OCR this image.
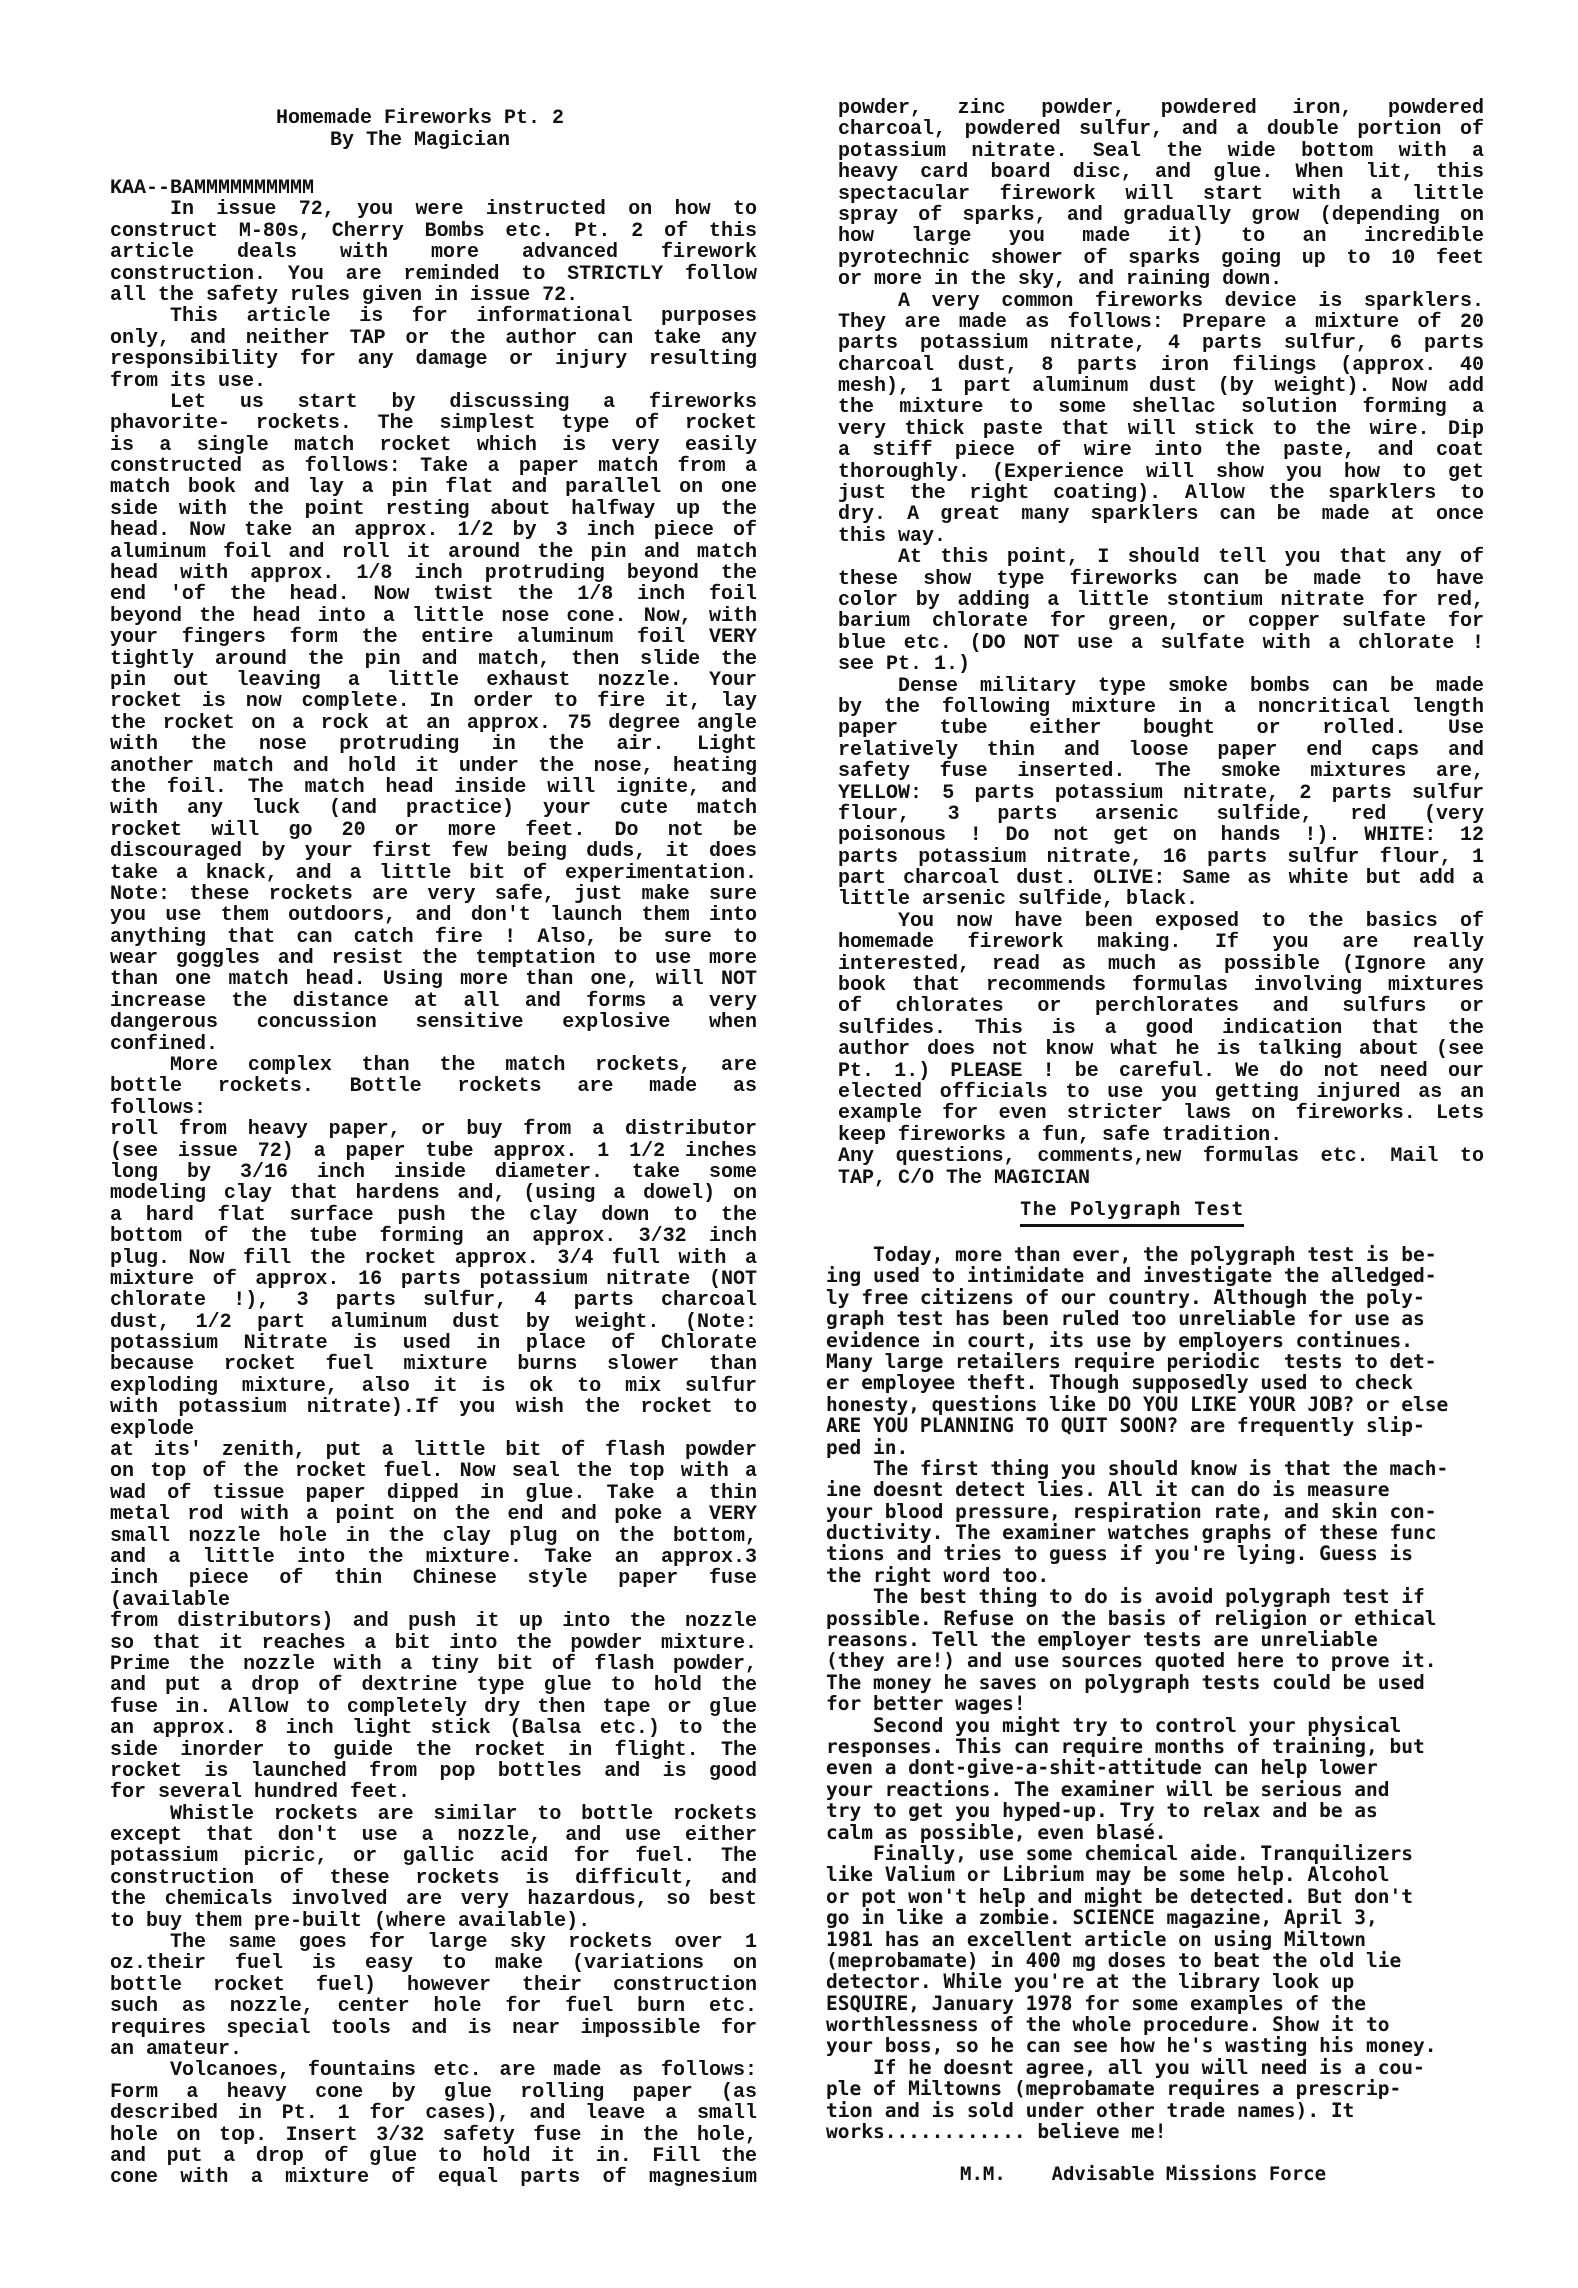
Homemade Fireworks Pt. 2
By The Magician
KAA--BAMMMMMMMMMM
In issue 72, you were instructed on how to
construct M-80s, Cherry Bombs etc. Pt. 2 of this
article deals with more advanced firework
construction. You are reminded to STRICTLY follow
all the safety rules given in issue 72.
This article is for informational purposes
only, and neither TAP or the author can take any
responsibility for any damage or injury resulting
from its use.
Let us start by discussing a fireworks
phavorite- rockets. The simplest type of rocket
is a single match rocket which is very easily
constructed as follows: Take a paper match from a
match book and lay a pin flat and parallel on one
side with the point resting about halfway up the
head. Now take an approx. 1/2 by 3 inch piece of
aluminum foil and roll it around the pin and match
head with approx. 1/8 inch protruding beyond the
end 'of the head. Now twist the 1/8 inch foil
beyond the head into a little nose cone. Now, with
your fingers form the entire aluminum foil VERY
tightly around the pin and match, then slide the
pin out leaving a little exhaust nozzle. Your
rocket is now complete. In order to fire it, lay
the rocket on a rock at an approx. 75 degree angle
with the nose protruding in the air. Light
another match and hold it under the nose, heating
the foil. The match head inside will ignite, and
with any luck (and practice) your cute match
rocket will go 20 or more feet. Do not be
discouraged by your first few being duds, it does
take a knack, and a little bit of experimentation.
Note: these rockets are very safe, just make sure
you use them outdoors, and don't launch them into
anything that can catch fire ! Also, be sure to
wear goggles and resist the temptation to use more
than one match head. Using more than one, will NOT
increase the distance at all and forms a very
dangerous concussion sensitive explosive when
confined.
More complex than the match rockets, are
bottle rockets. Bottle rockets are made as
follows:
roll from heavy paper, or buy from a distributor
(see issue 72) a paper tube approx. 1 1/2 inches
long by 3/16 inch inside diameter. take some
modeling clay that hardens and, (using a dowel) on
a hard flat surface push the clay down to the
bottom of the tube forming an approx. 3/32 inch
plug. Now fill the rocket approx. 3/4 full with a
mixture of approx. 16 parts potassium nitrate (NOT
chlorate !), 3 parts sulfur, 4 parts charcoal
dust, 1/2 part aluminum dust by weight. (Note:
potassium Nitrate is used in place of Chlorate
because rocket fuel mixture burns slower than
exploding mixture, also it is ok to mix sulfur
with potassium nitrate).If you wish the rocket to
explode
at its' zenith, put a little bit of flash powder
on top of the rocket fuel. Now seal the top with a
wad of tissue paper dipped in glue. Take a thin
metal rod with a point on the end and poke a VERY
small nozzle hole in the clay plug on the bottom,
and a little into the mixture. Take an approx.3
inch piece of thin Chinese style paper fuse
(available
from distributors) and push it up into the nozzle
so that it reaches a bit into the powder mixture.
Prime the nozzle with a tiny bit of flash powder,
and put a drop of dextrine type glue to hold the
fuse in. Allow to completely dry then tape or glue
an approx. 8 inch light stick (Balsa etc.) to the
side inorder to guide the rocket in flight. The
rocket is launched from pop bottles and is good
for several hundred feet.
Whistle rockets are similar to bottle rockets
except that don't use a nozzle, and use either
potassium picric, or gallic acid for fuel. The
construction of these rockets is difficult, and
the chemicals involved are very hazardous, so best
to buy them pre-built (where available).
The same goes for large sky rockets over 1
oz.their fuel is easy to make (variations on
bottle rocket fuel) however their construction
such as nozzle, center hole for fuel burn etc.
requires special tools and is near impossible for
an amateur.
Volcanoes, fountains etc. are made as follows:
Form a heavy cone by glue rolling paper (as
described in Pt. 1 for cases), and leave a small
hole on top. Insert 3/32 safety fuse in the hole,
and put a drop of glue to hold it in. Fill the
cone with a mixture of equal parts of magnesium
powder, zinc powder, powdered iron, powdered
charcoal, powdered sulfur, and a double portion of
potassium nitrate. Seal the wide bottom with a
heavy card board disc, and glue. When lit, this
spectacular firework will start with a little
spray of sparks, and gradually grow (depending on
how large you made it) to an incredible
pyrotechnic shower of sparks going up to 10 feet
or more in the sky, and raining down.
A very common fireworks device is sparklers.
They are made as follows: Prepare a mixture of 20
parts potassium nitrate, 4 parts sulfur, 6 parts
charcoal dust, 8 parts iron filings (approx. 40
mesh), 1 part aluminum dust (by weight). Now add
the mixture to some shellac solution forming a
very thick paste that will stick to the wire. Dip
a stiff piece of wire into the paste, and coat
thoroughly. (Experience will show you how to get
just the right coating). Allow the sparklers to
dry. A great many sparklers can be made at once
this way.
At this point, I should tell you that any of
these show type fireworks can be made to have
color by adding a little stontium nitrate for red,
barium chlorate for green, or copper sulfate for
blue etc. (DO NOT use a sulfate with a chlorate !
see Pt. 1.)
Dense military type smoke bombs can be made
by the following mixture in a noncritical length
paper tube either bought or rolled. Use
relatively thin and loose paper end caps and
safety fuse inserted. The smoke mixtures are,
YELLOW: 5 parts potassium nitrate, 2 parts sulfur
flour, 3 parts arsenic sulfide, red (very
poisonous ! Do not get on hands !). WHITE: 12
parts potassium nitrate, 16 parts sulfur flour, 1
part charcoal dust. OLIVE: Same as white but add a
little arsenic sulfide, black.
You now have been exposed to the basics of
homemade firework making. If you are really
interested, read as much as possible (Ignore any
book that recommends formulas involving mixtures
of chlorates or perchlorates and sulfurs or
sulfides. This is a good indication that the
author does not know what he is talking about (see
Pt. 1.) PLEASE ! be careful. We do not need our
elected officials to use you getting injured as an
example for even stricter laws on fireworks. Lets
keep fireworks a fun, safe tradition.
Any questions, comments,new formulas etc. Mail to
TAP, C/O The MAGICIAN
The Polygraph Test
Today, more than ever, the polygraph test is be-
ing used to intimidate and investigate the alledged-
ly free citizens of our country. Although the poly-
graph test has been ruled too unreliable for use as
evidence in court, its use by employers continues.
Many large retailers require periodic  tests to det-
er employee theft. Though supposedly used to check
honesty, questions like DO YOU LIKE YOUR JOB? or else
ARE YOU PLANNING TO QUIT SOON? are frequently slip-
ped in.
The first thing you should know is that the mach-
ine doesnt detect lies. All it can do is measure
your blood pressure, respiration rate, and skin con-
ductivity. The examiner watches graphs of these func
tions and tries to guess if you're lying. Guess is
the right word too.
The best thing to do is avoid polygraph test if
possible. Refuse on the basis of religion or ethical
reasons. Tell the employer tests are unreliable
(they are!) and use sources quoted here to prove it.
The money he saves on polygraph tests could be used
for better wages!
Second you might try to control your physical
responses. This can require months of training, but
even a dont-give-a-shit-attitude can help lower
your reactions. The examiner will be serious and
try to get you hyped-up. Try to relax and be as
calm as possible, even blasé.
Finally, use some chemical aide. Tranquilizers
like Valium or Librium may be some help. Alcohol
or pot won't help and might be detected. But don't
go in like a zombie. SCIENCE magazine, April 3,
1981 has an excellent article on using Miltown
(meprobamate) in 400 mg doses to beat the old lie
detector. While you're at the library look up
ESQUIRE, January 1978 for some examples of the
worthlessness of the whole procedure. Show it to
your boss, so he can see how he's wasting his money.
If he doesnt agree, all you will need is a cou-
ple of Miltowns (meprobamate requires a prescrip-
tion and is sold under other trade names). It
works............ believe me!
M.M.    Advisable Missions Force
